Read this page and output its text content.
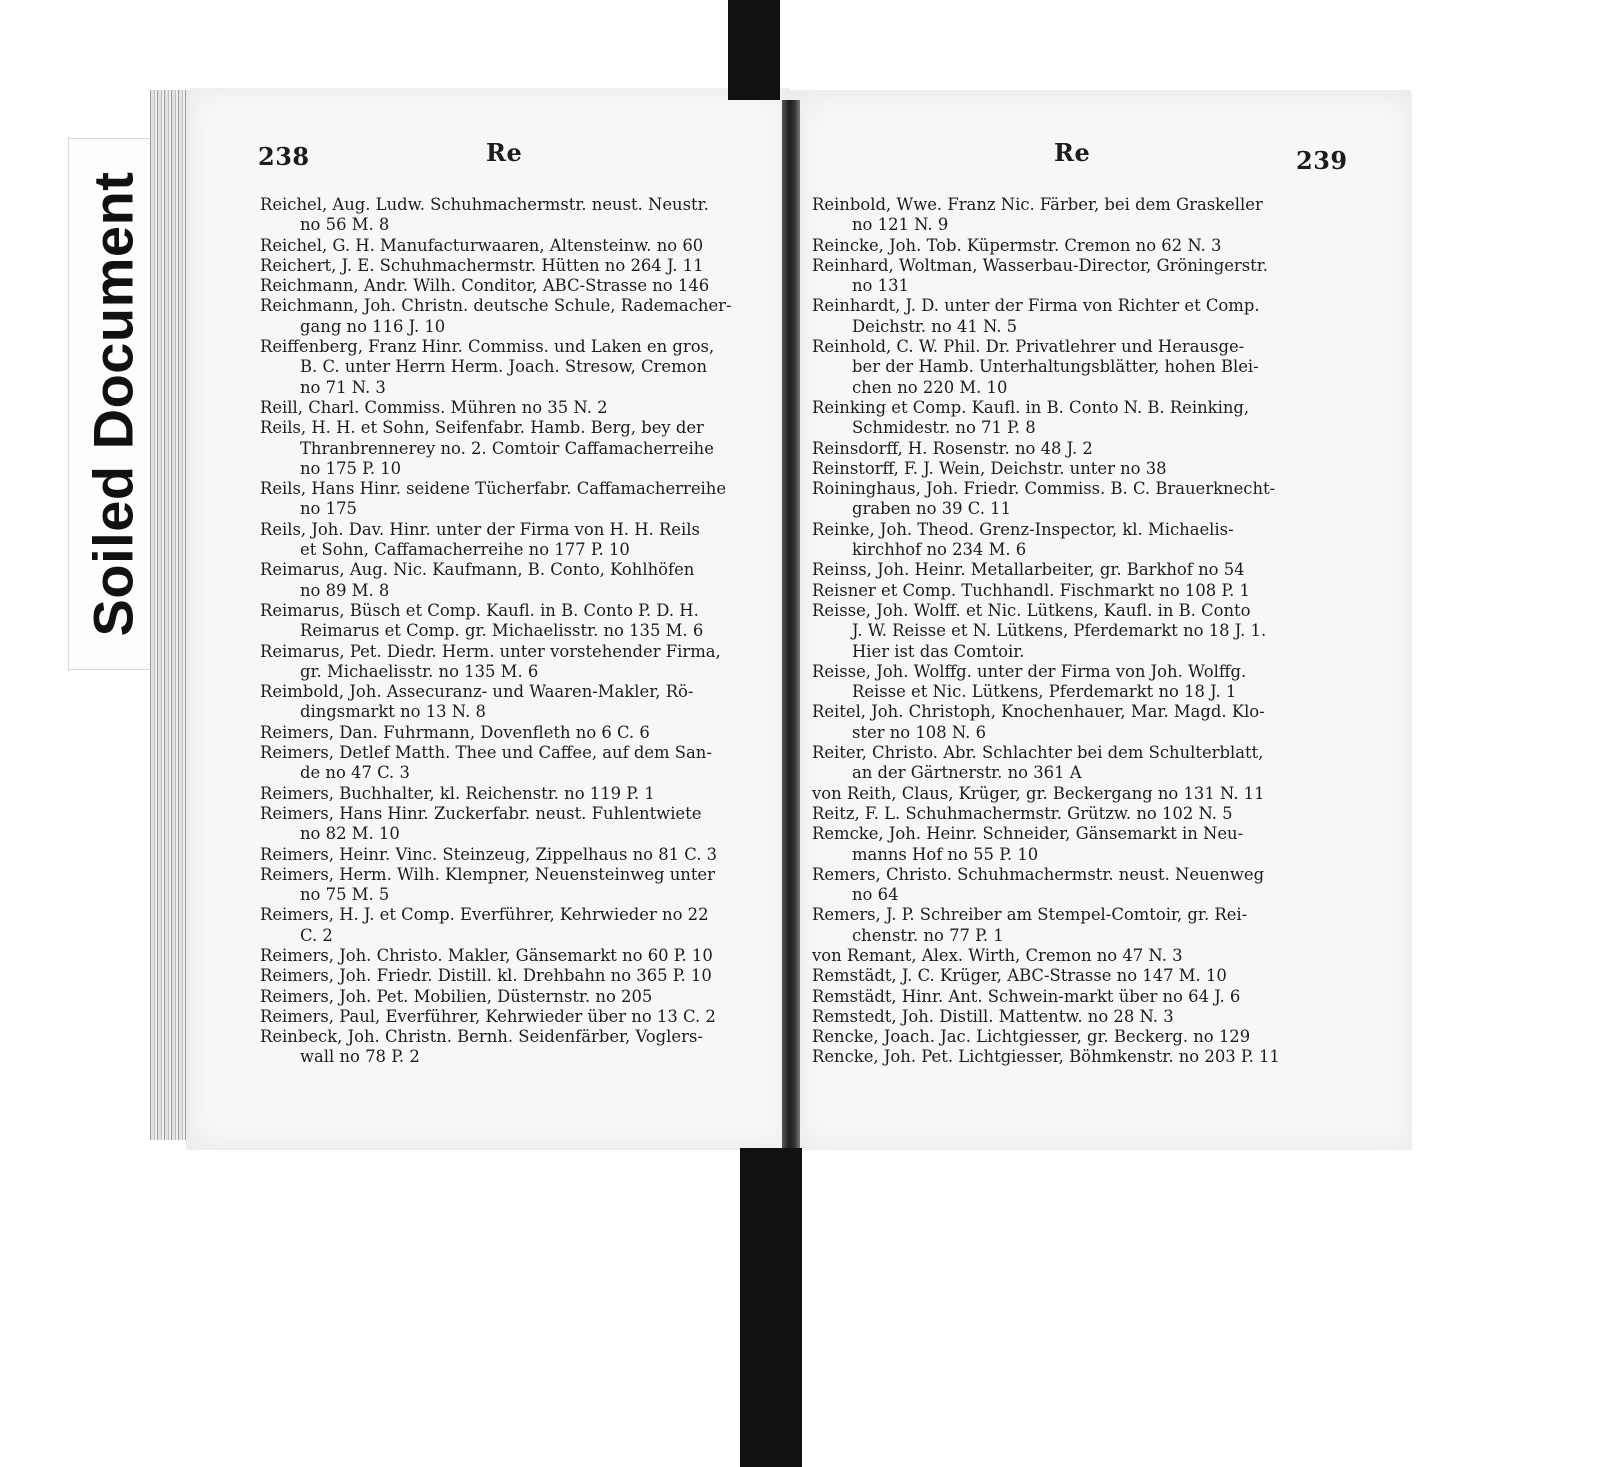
Soiled Document
238	Re
Reichel, Aug. Ludw. Schuhmachermstr. neust. Neustr.
no 56 M. 8
Reichel, G. H. Manufacturwaaren, Altensteinw. no 60
Reichert, J. E. Schuhmachermstr. Hütten no 264 J. 11
Reichmann, Andr. Wilh. Conditor, ABC-Strasse no 146
Reichmann, Joh. Christn. deutsche Schule, Rademacher-
gang no 116 J. 10
Reiffenberg, Franz Hinr. Commiss. und Laken en gros,
B. C. unter Herrn Herm. Joach. Stresow, Cremon
no 71 N. 3
Reill, Charl. Commiss. Mühren no 35 N. 2
Reils, H. H. et Sohn, Seifenfabr. Hamb. Berg, bey der
Thranbrennerey no. 2. Comtoir Caffamacherreihe
no 175 P. 10
Reils, Hans Hinr. seidene Tücherfabr. Caffamacherreihe
no 175
Reils, Joh. Dav. Hinr. unter der Firma von H. H. Reils
et Sohn, Caffamacherreihe no 177 P. 10
Reimarus, Aug. Nic. Kaufmann, B. Conto, Kohlhöfen
no 89 M. 8
Reimarus, Büsch et Comp. Kaufl. in B. Conto P. D. H.
Reimarus et Comp. gr. Michaelisstr. no 135 M. 6
Reimarus, Pet. Diedr. Herm. unter vorstehender Firma,
gr. Michaelisstr. no 135 M. 6
Reimbold, Joh. Assecuranz- und Waaren-Makler, Rö-
dingsmarkt no 13 N. 8
Reimers, Dan. Fuhrmann, Dovenfleth no 6 C. 6
Reimers, Detlef Matth. Thee und Caffee, auf dem San-
de no 47 C. 3
Reimers, Buchhalter, kl. Reichenstr. no 119 P. 1
Reimers, Hans Hinr. Zuckerfabr. neust. Fuhlentwiete
no 82 M. 10
Reimers, Heinr. Vinc. Steinzeug, Zippelhaus no 81 C. 3
Reimers, Herm. Wilh. Klempner, Neuensteinweg unter
no 75 M. 5
Reimers, H. J. et Comp. Everführer, Kehrwieder no 22
C. 2
Reimers, Joh. Christo. Makler, Gänsemarkt no 60 P. 10
Reimers, Joh. Friedr. Distill. kl. Drehbahn no 365 P. 10
Reimers, Joh. Pet. Mobilien, Düsternstr. no 205
Reimers, Paul, Everführer, Kehrwieder über no 13 C. 2
Reinbeck, Joh. Christn. Bernh. Seidenfärber, Voglers-
wall no 78 P. 2
Re	239
Reinbold, Wwe. Franz Nic. Färber, bei dem Graskeller
no 121 N. 9
Reincke, Joh. Tob. Küpermstr. Cremon no 62 N. 3
Reinhard, Woltman, Wasserbau-Director, Gröningerstr.
no 131
Reinhardt, J. D. unter der Firma von Richter et Comp.
Deichstr. no 41 N. 5
Reinhold, C. W. Phil. Dr. Privatlehrer und Herausge-
ber der Hamb. Unterhaltungsblätter, hohen Blei-
chen no 220 M. 10
Reinking et Comp. Kaufl. in B. Conto N. B. Reinking,
Schmidestr. no 71 P. 8
Reinsdorff, H. Rosenstr. no 48 J. 2
Reinstorff, F. J. Wein, Deichstr. unter no 38
Roininghaus, Joh. Friedr. Commiss. B. C. Brauerknecht-
graben no 39 C. 11
Reinke, Joh. Theod. Grenz-Inspector, kl. Michaelis-
kirchhof no 234 M. 6
Reinss, Joh. Heinr. Metallarbeiter, gr. Barkhof no 54
Reisner et Comp. Tuchhandl. Fischmarkt no 108 P. 1
Reisse, Joh. Wolff. et Nic. Lütkens, Kaufl. in B. Conto
J. W. Reisse et N. Lütkens, Pferdemarkt no 18 J. 1.
Hier ist das Comtoir.
Reisse, Joh. Wolffg. unter der Firma von Joh. Wolffg.
Reisse et Nic. Lütkens, Pferdemarkt no 18 J. 1
Reitel, Joh. Christoph, Knochenhauer, Mar. Magd. Klo-
ster no 108 N. 6
Reiter, Christo. Abr. Schlachter bei dem Schulterblatt,
an der Gärtnerstr. no 361 A
von Reith, Claus, Krüger, gr. Beckergang no 131 N. 11
Reitz, F. L. Schuhmachermstr. Grützw. no 102 N. 5
Remcke, Joh. Heinr. Schneider, Gänsemarkt in Neu-
manns Hof no 55 P. 10
Remers, Christo. Schuhmachermstr. neust. Neuenweg
no 64
Remers, J. P. Schreiber am Stempel-Comtoir, gr. Rei-
chenstr. no 77 P. 1
von Remant, Alex. Wirth, Cremon no 47 N. 3
Remstädt, J. C. Krüger, ABC-Strasse no 147 M. 10
Remstädt, Hinr. Ant. Schwein-markt über no 64 J. 6
Remstedt, Joh. Distill. Mattentw. no 28 N. 3
Rencke, Joach. Jac. Lichtgiesser, gr. Beckerg. no 129
Rencke, Joh. Pet. Lichtgiesser, Böhmkenstr. no 203 P. 11
